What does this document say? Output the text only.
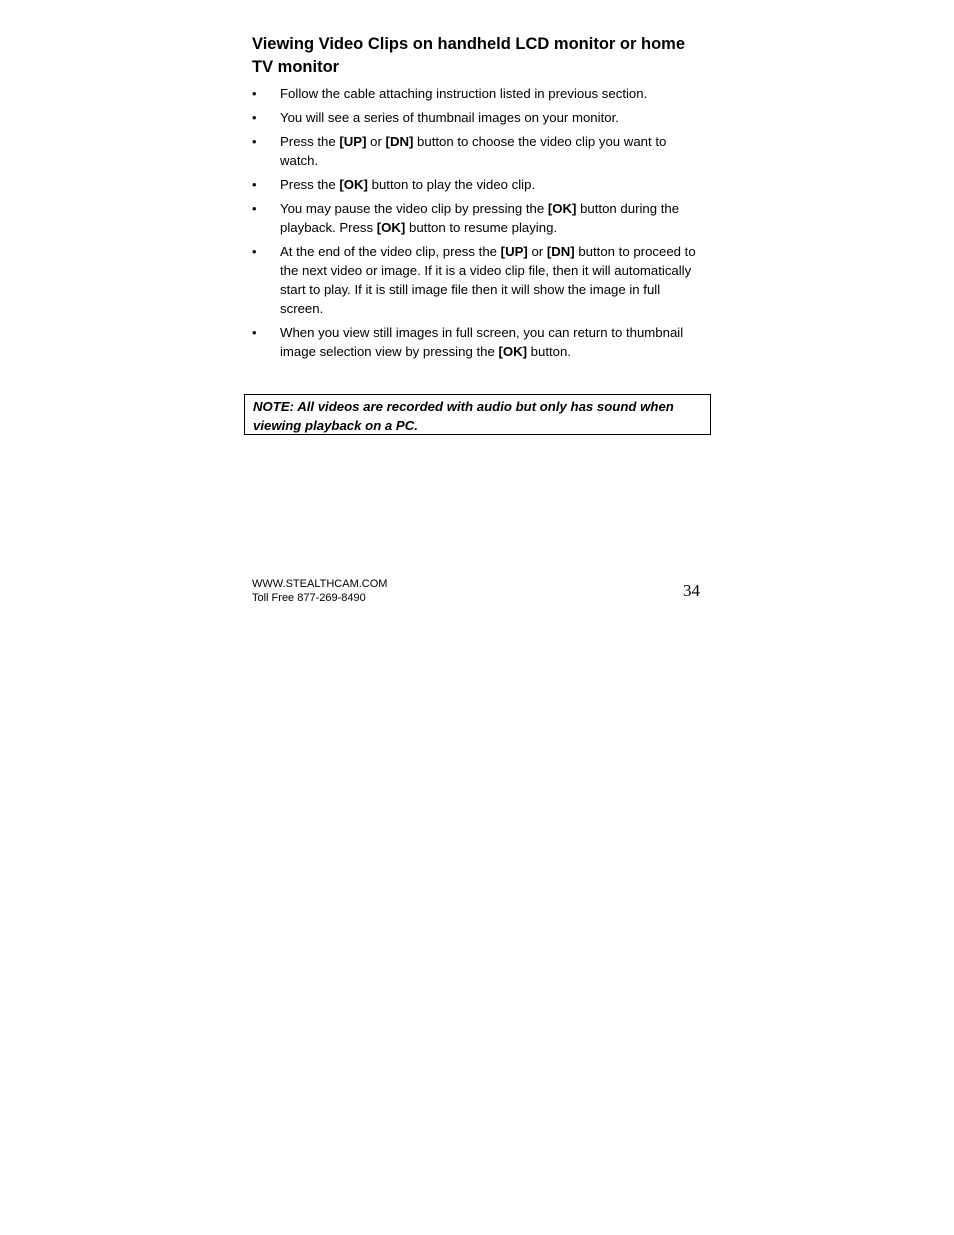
Viewing Video Clips on handheld LCD monitor or home TV monitor
•	Follow the cable attaching instruction listed in previous section.
•	You will see a series of thumbnail images on your monitor.
•	Press the [UP] or [DN] button to choose the video clip you want to watch.
•	Press the [OK] button to play the video clip.
•	You may pause the video clip by pressing the [OK] button during the playback. Press [OK] button to resume playing.
•	At the end of the video clip, press the [UP] or [DN] button to proceed to the next video or image. If it is a video clip file, then it will automatically start to play. If it is still image file then it will show the image in full screen.
•	When you view still images in full screen, you can return to thumbnail image selection view by pressing the [OK] button.
NOTE: All videos are recorded with audio but only has sound when viewing playback on a PC.
WWW.STEALTHCAM.COM
Toll Free 877-269-8490	34
